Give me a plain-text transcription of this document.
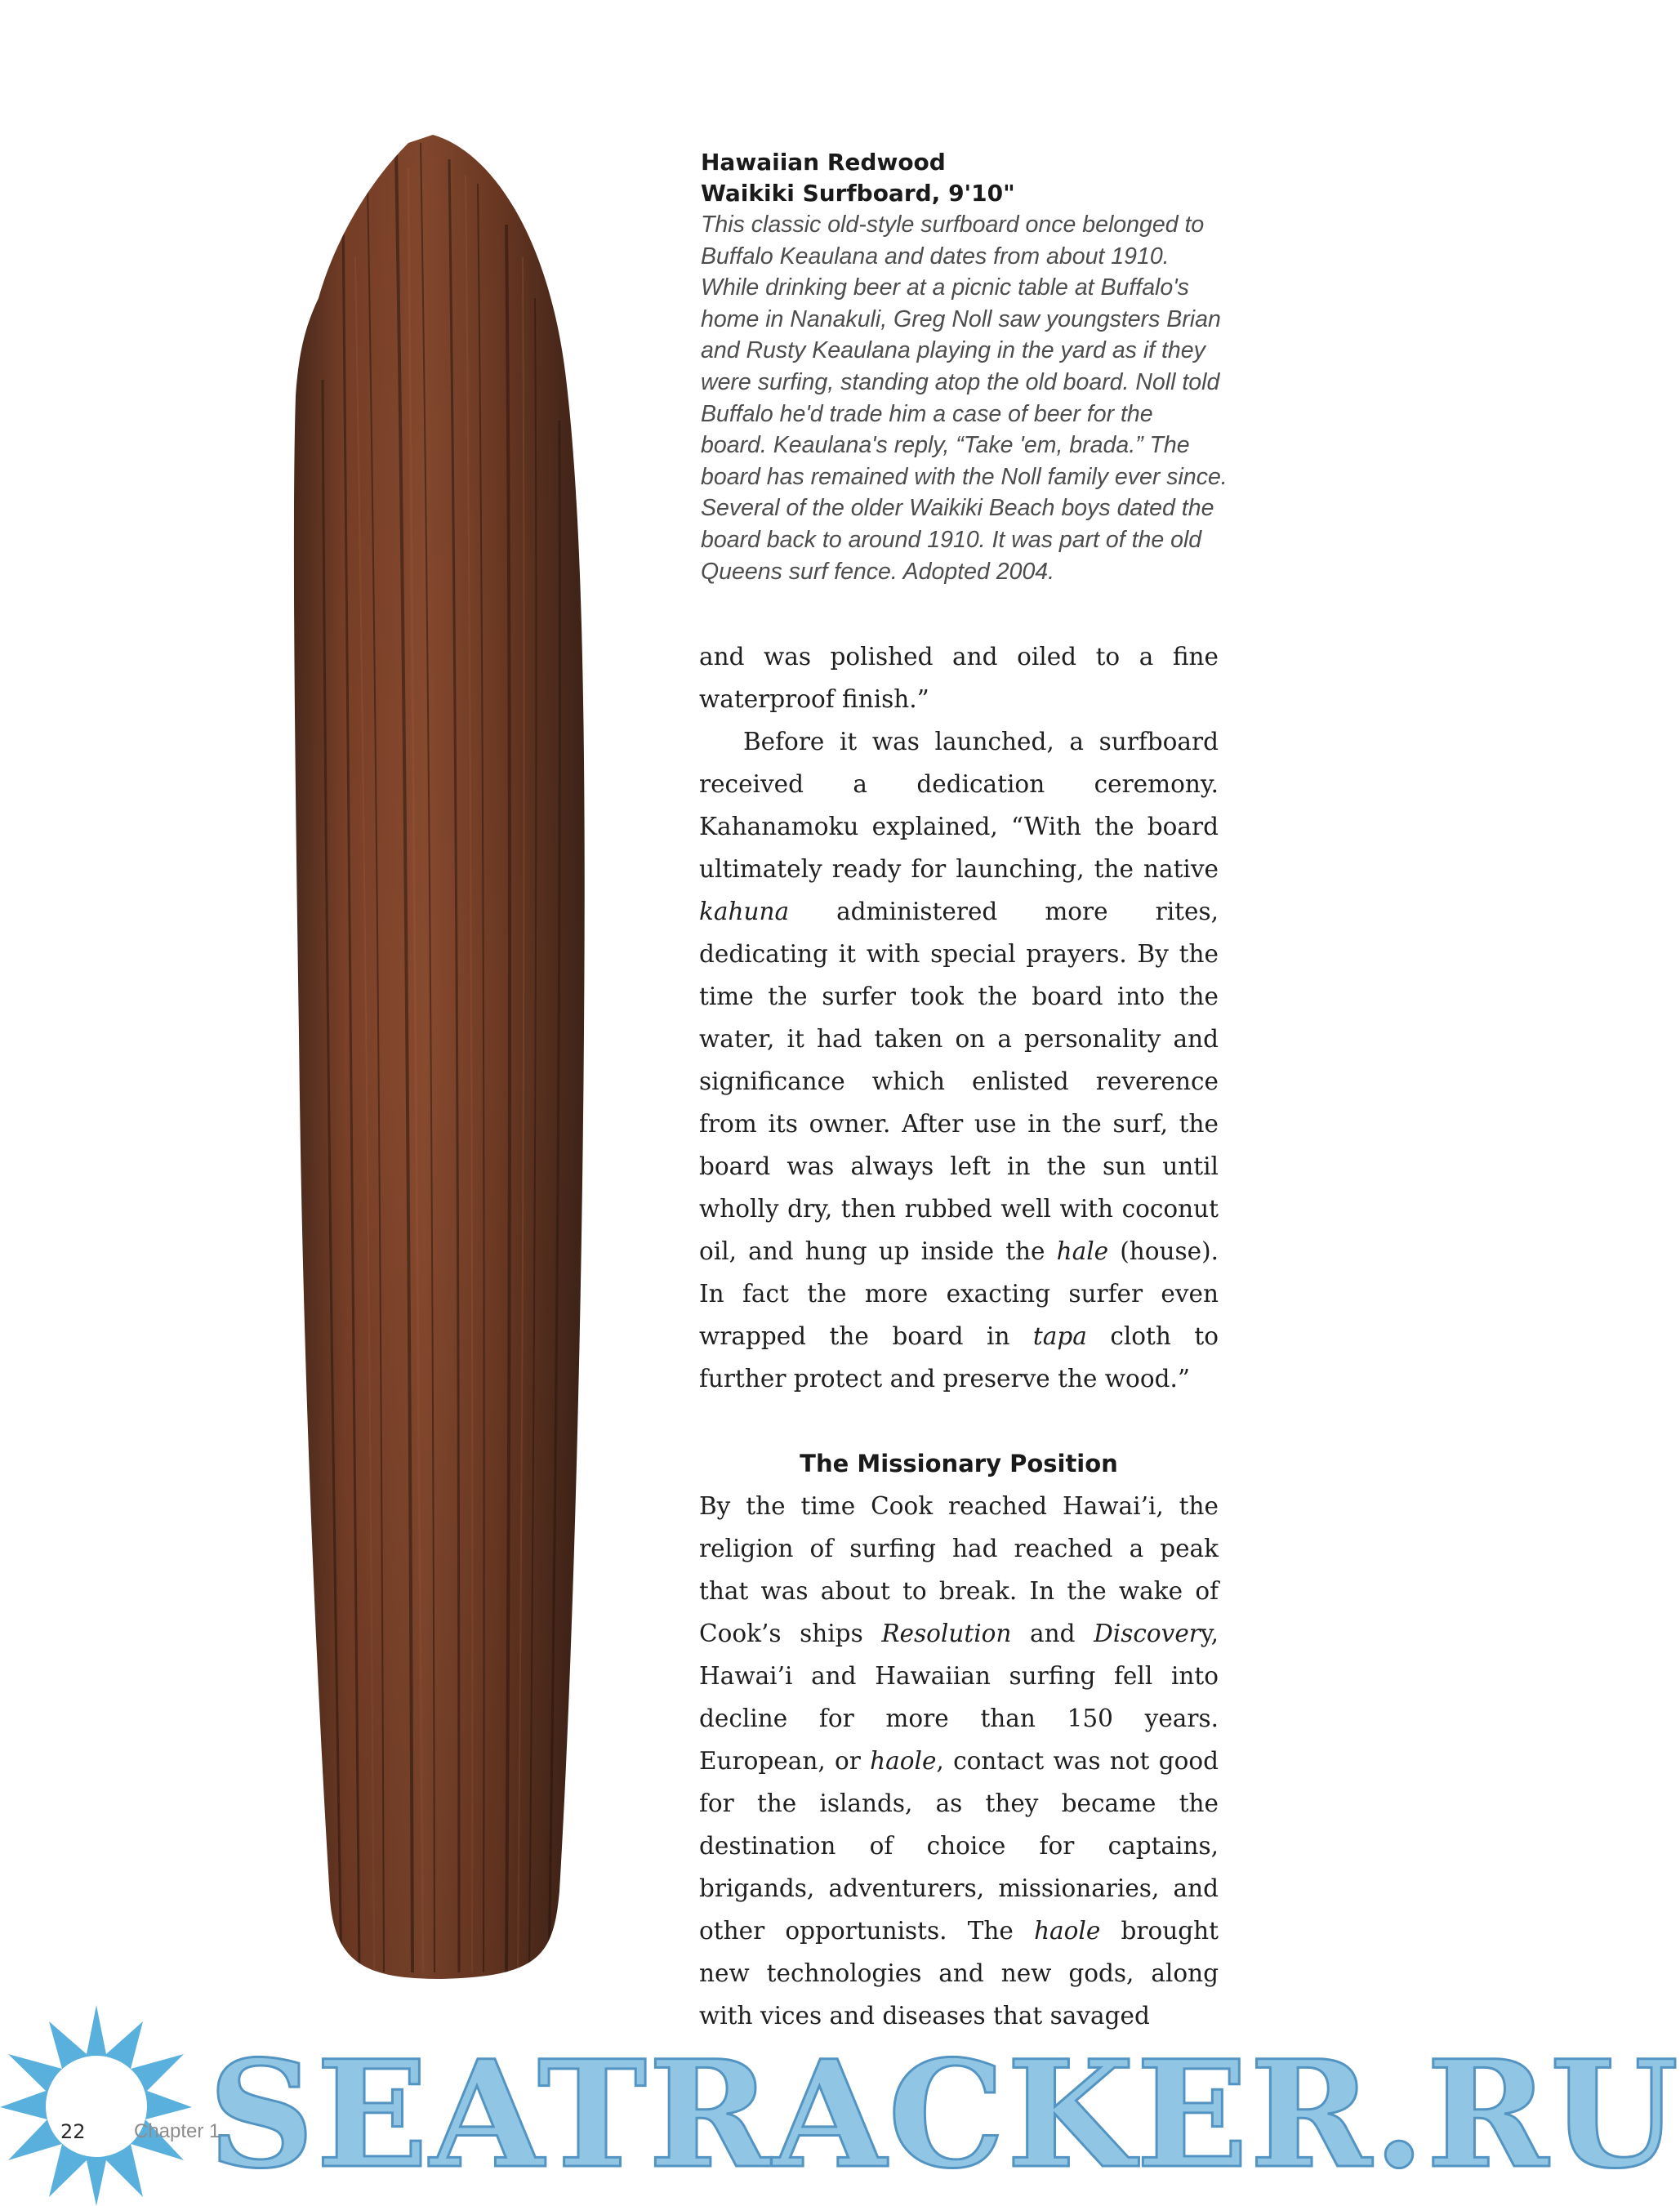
Hawaiian Redwood

Waikiki Surfboard, 9'10"

This classic old-style surfboard once belonged to

Buffalo Keaulana and dates from about 1910.

While drinking beer at a picnic table at Buffalo's

home in Nanakuli, Greg Noll saw youngsters Brian

and Rusty Keaulana playing in the yard as if they

were surfing, standing atop the old board. Noll told

Buffalo he'd trade him a case of beer for the

board. Keaulana's reply, “Take 'em, brada.” The

board has remained with the Noll family ever since.

Several of the older Waikiki Beach boys dated the

board back to around 1910. It was part of the old

Queens surf fence. Adopted 2004.

and was polished and oiled to a fine waterproof finish.”

Before it was launched, a surfboard received a dedication ceremony. Kahanamoku explained, “With the board ultimately ready for launching, the native kahuna administered more rites, dedicating it with special prayers. By the time the surfer took the board into the water, it had taken on a personality and significance which enlisted reverence from its owner. After use in the surf, the board was always left in the sun until wholly dry, then rubbed well with coconut oil, and hung up inside the hale (house). In fact the more exacting surfer even wrapped the board in tapa cloth to further protect and preserve the wood.”

The Missionary Position

By the time Cook reached Hawai’i, the religion of surfing had reached a peak that was about to break. In the wake of Cook’s ships Resolution and Discovery, Hawai’i and Hawaiian surfing fell into decline for more than 150 years. European, or haole, contact was not good for the islands, as they became the destination of choice for captains, brigands, adventurers, missionaries, and other opportunists. The haole brought new technologies and new gods, along with vices and diseases that savaged

22 Chapter 1
SEATRACKER.RU
